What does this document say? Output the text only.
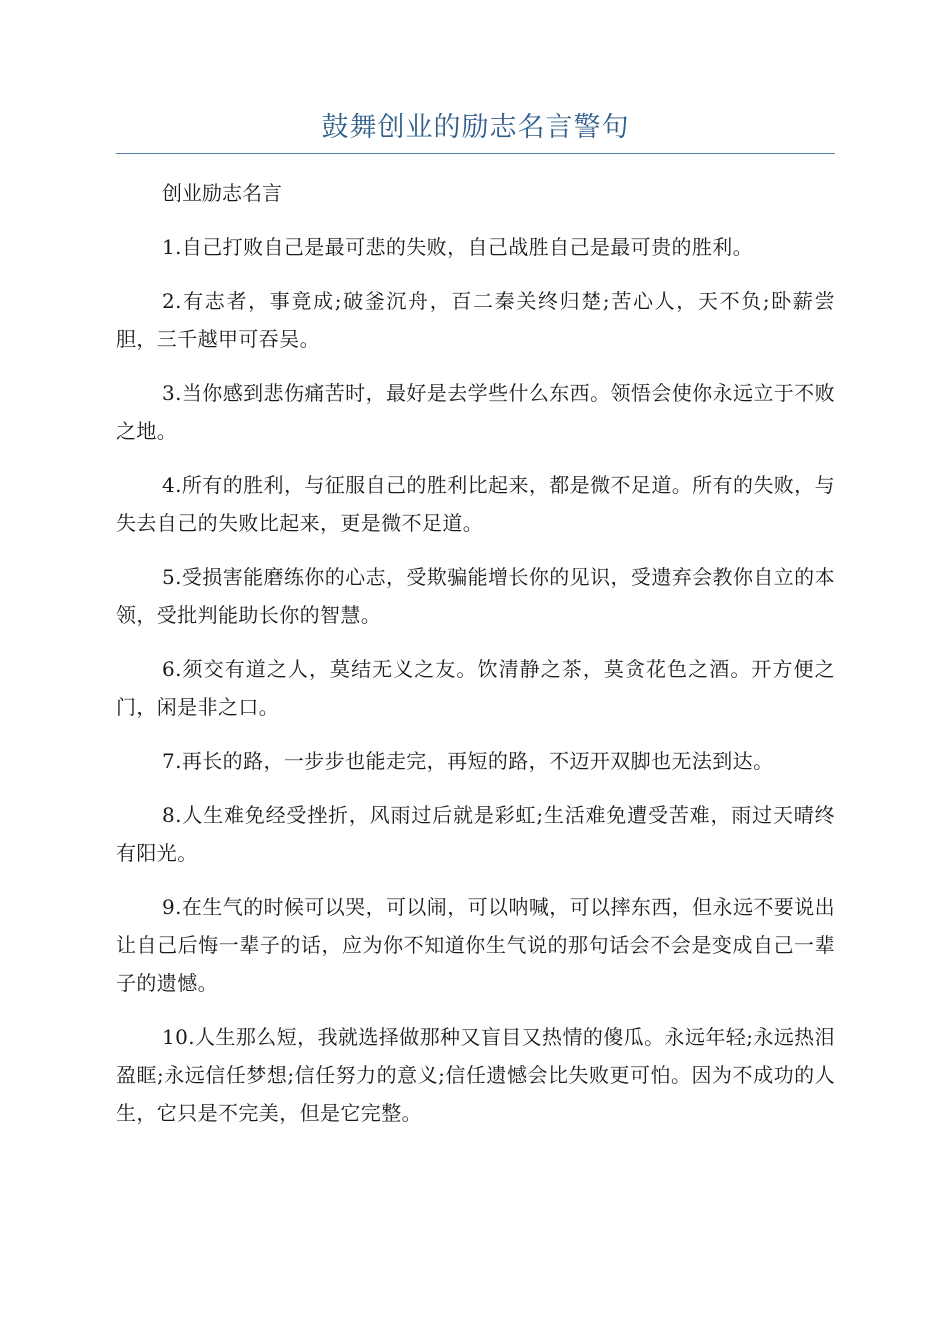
鼓舞创业的励志名言警句

创业励志名言

1.自己打败自己是最可悲的失败，自己战胜自己是最可贵的胜利。

2.有志者，事竟成;破釜沉舟，百二秦关终归楚;苦心人，天不负;卧薪尝胆，三千越甲可吞吴。

3.当你感到悲伤痛苦时，最好是去学些什么东西。领悟会使你永远立于不败之地。

4.所有的胜利，与征服自己的胜利比起来，都是微不足道。所有的失败，与失去自己的失败比起来，更是微不足道。

5.受损害能磨练你的心志，受欺骗能增长你的见识，受遗弃会教你自立的本领，受批判能助长你的智慧。

6.须交有道之人，莫结无义之友。饮清静之茶，莫贪花色之酒。开方便之门，闲是非之口。

7.再长的路，一步步也能走完，再短的路，不迈开双脚也无法到达。

8.人生难免经受挫折，风雨过后就是彩虹;生活难免遭受苦难，雨过天晴终有阳光。

9.在生气的时候可以哭，可以闹，可以呐喊，可以摔东西，但永远不要说出让自己后悔一辈子的话，应为你不知道你生气说的那句话会不会是变成自己一辈子的遗憾。

10.人生那么短，我就选择做那种又盲目又热情的傻瓜。永远年轻;永远热泪盈眶;永远信任梦想;信任努力的意义;信任遗憾会比失败更可怕。因为不成功的人生，它只是不完美，但是它完整。
